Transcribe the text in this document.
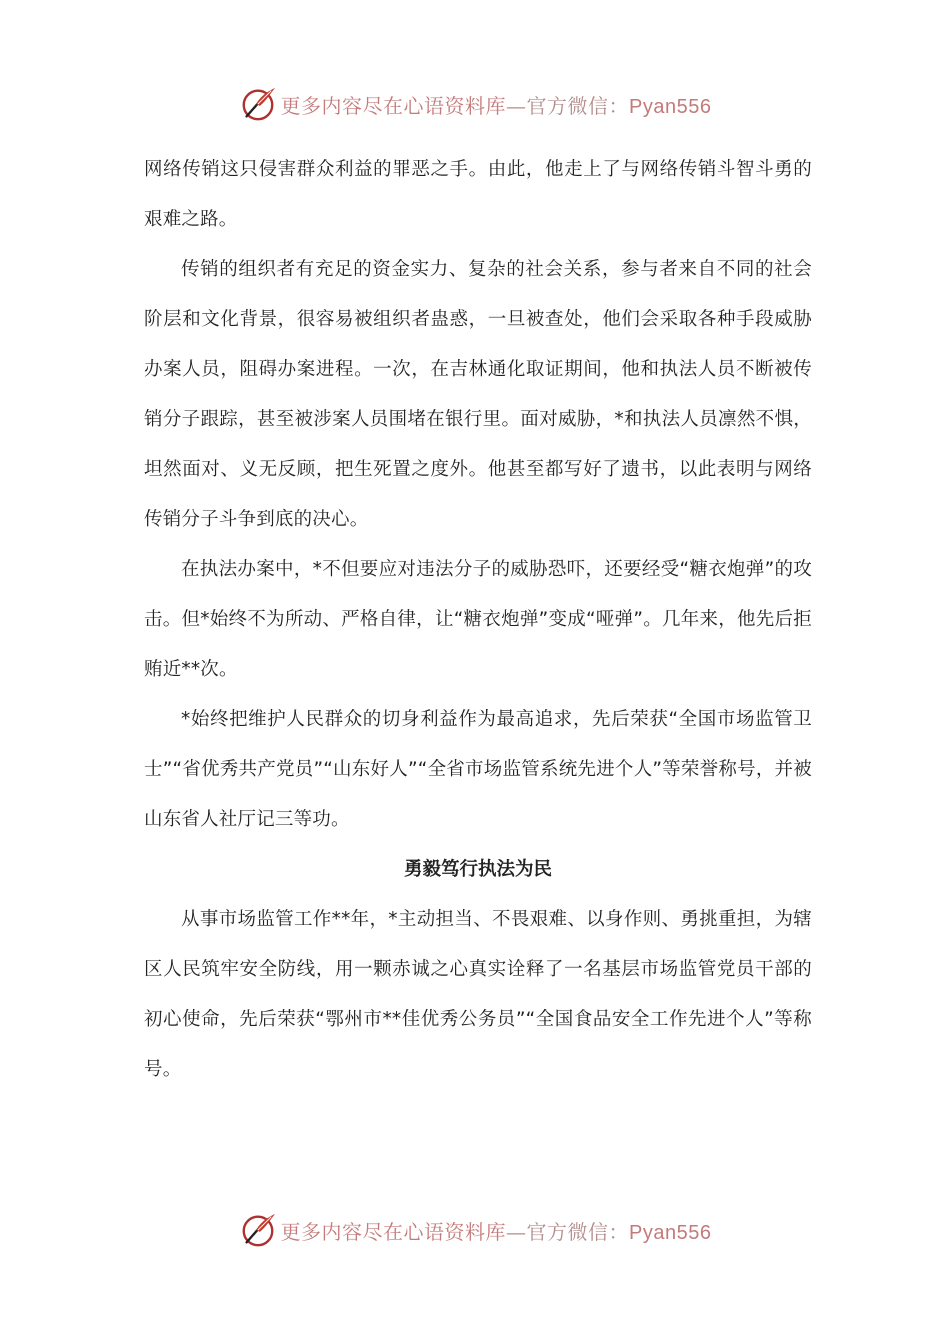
更多内容尽在心语资料库—官方微信：Pyan556

网络传销这只侵害群众利益的罪恶之手。由此，他走上了与网络传销斗智斗勇的艰难之路。

传销的组织者有充足的资金实力、复杂的社会关系，参与者来自不同的社会阶层和文化背景，很容易被组织者蛊惑，一旦被查处，他们会采取各种手段威胁办案人员，阻碍办案进程。一次，在吉林通化取证期间，他和执法人员不断被传销分子跟踪，甚至被涉案人员围堵在银行里。面对威胁，*和执法人员凛然不惧，坦然面对、义无反顾，把生死置之度外。他甚至都写好了遗书，以此表明与网络传销分子斗争到底的决心。

在执法办案中，*不但要应对违法分子的威胁恐吓，还要经受“糖衣炮弹”的攻击。但*始终不为所动、严格自律，让“糖衣炮弹”变成“哑弹”。几年来，他先后拒贿近**次。

*始终把维护人民群众的切身利益作为最高追求，先后荣获“全国市场监管卫士”“省优秀共产党员”“山东好人”“全省市场监管系统先进个人”等荣誉称号，并被山东省人社厅记三等功。

勇毅笃行执法为民

从事市场监管工作**年，*主动担当、不畏艰难、以身作则、勇挑重担，为辖区人民筑牢安全防线，用一颗赤诚之心真实诠释了一名基层市场监管党员干部的初心使命，先后荣获“鄂州市**佳优秀公务员”“全国食品安全工作先进个人”等称号。

更多内容尽在心语资料库—官方微信：Pyan556
